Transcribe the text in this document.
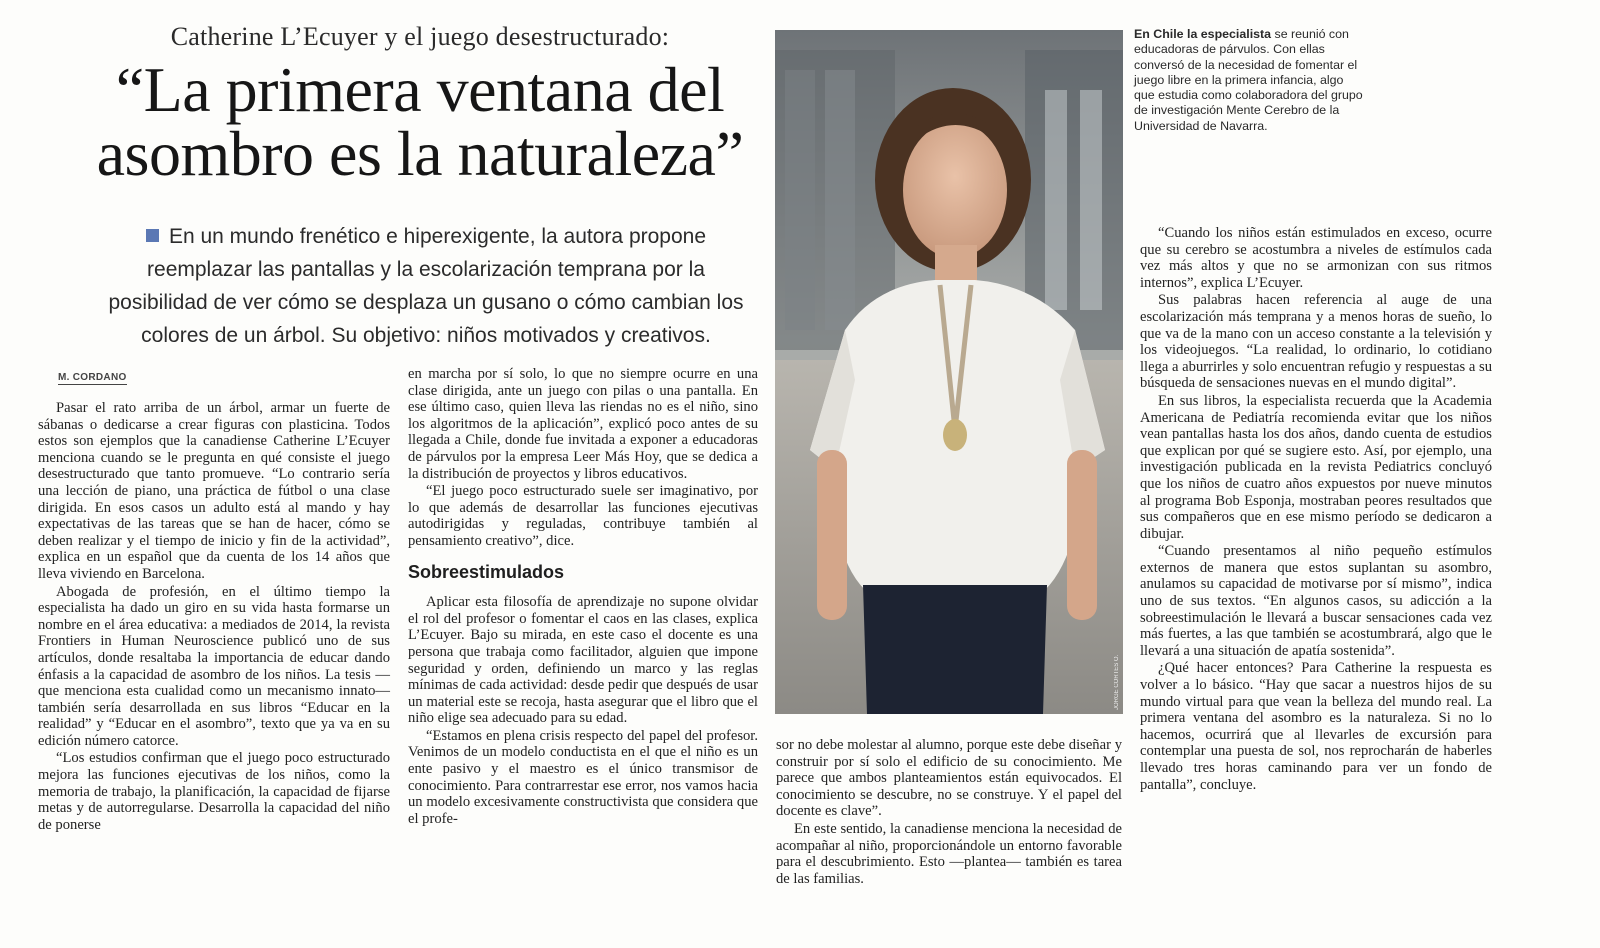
Catherine L’Ecuyer y el juego desestructurado:
“La primera ventana del
asombro es la naturaleza”
En un mundo frenético e hiperexigente, la autora propone
reemplazar las pantallas y la escolarización temprana por la
posibilidad de ver cómo se desplaza un gusano o cómo cambian los
colores de un árbol. Su objetivo: niños motivados y creativos.
M. CORDANO

Pasar el rato arriba de un árbol, armar un fuerte de sábanas o dedicarse a crear figuras con plasticina. Todos estos son ejemplos que la canadiense Catherine L’Ecuyer menciona cuando se le pregunta en qué consiste el juego desestructurado que tanto promueve. “Lo contrario sería una lección de piano, una práctica de fútbol o una clase dirigida. En esos casos un adulto está al mando y hay expectativas de las tareas que se han de hacer, cómo se deben realizar y el tiempo de inicio y fin de la actividad”, explica en un español que da cuenta de los 14 años que lleva viviendo en Barcelona.

Abogada de profesión, en el último tiempo la especialista ha dado un giro en su vida hasta formarse un nombre en el área educativa: a mediados de 2014, la revista Frontiers in Human Neuroscience publicó uno de sus artículos, donde resaltaba la importancia de educar dando énfasis a la capacidad de asombro de los niños. La tesis —que menciona esta cualidad como un mecanismo innato— también sería desarrollada en sus libros “Educar en la realidad” y “Educar en el asombro”, texto que ya va en su edición número catorce.

“Los estudios confirman que el juego poco estructurado mejora las funciones ejecutivas de los niños, como la memoria de trabajo, la planificación, la capacidad de fijarse metas y de autorregularse. Desarrolla la capacidad del niño de ponerse

en marcha por sí solo, lo que no siempre ocurre en una clase dirigida, ante un juego con pilas o una pantalla. En ese último caso, quien lleva las riendas no es el niño, sino los algoritmos de la aplicación”, explicó poco antes de su llegada a Chile, donde fue invitada a exponer a educadoras de párvulos por la empresa Leer Más Hoy, que se dedica a la distribución de proyectos y libros educativos.

“El juego poco estructurado suele ser imaginativo, por lo que además de desarrollar las funciones ejecutivas autodirigidas y reguladas, contribuye también al pensamiento creativo”, dice.

Sobreestimulados

Aplicar esta filosofía de aprendizaje no supone olvidar el rol del profesor o fomentar el caos en las clases, explica L’Ecuyer. Bajo su mirada, en este caso el docente es una persona que trabaja como facilitador, alguien que impone seguridad y orden, definiendo un marco y las reglas mínimas de cada actividad: desde pedir que después de usar un material este se recoja, hasta asegurar que el libro que el niño elige sea adecuado para su edad.

“Estamos en plena crisis respecto del papel del profesor. Venimos de un modelo conductista en el que el niño es un ente pasivo y el maestro es el único transmisor de conocimiento. Para contrarrestar ese error, nos vamos hacia un modelo excesivamente constructivista que considera que el profe-

JORGE CORTES O.
En Chile la especialista se reunió con educadoras de párvulos. Con ellas conversó de la necesidad de fomentar el juego libre en la primera infancia, algo que estudia como colaboradora del grupo de investigación Mente Cerebro de la Universidad de Navarra.

sor no debe molestar al alumno, porque este debe diseñar y construir por sí solo el edificio de su conocimiento. Me parece que ambos planteamientos están equivocados. El conocimiento se descubre, no se construye. Y el papel del docente es clave”.

En este sentido, la canadiense menciona la necesidad de acompañar al niño, proporcionándole un entorno favorable para el descubrimiento. Esto —plantea— también es tarea de las familias.

“Cuando los niños están estimulados en exceso, ocurre que su cerebro se acostumbra a niveles de estímulos cada vez más altos y que no se armonizan con sus ritmos internos”, explica L’Ecuyer.

Sus palabras hacen referencia al auge de una escolarización más temprana y a menos horas de sueño, lo que va de la mano con un acceso constante a la televisión y los videojuegos. “La realidad, lo ordinario, lo cotidiano llega a aburrirles y solo encuentran refugio y respuestas a su búsqueda de sensaciones nuevas en el mundo digital”.

En sus libros, la especialista recuerda que la Academia Americana de Pediatría recomienda evitar que los niños vean pantallas hasta los dos años, dando cuenta de estudios que explican por qué se sugiere esto. Así, por ejemplo, una investigación publicada en la revista Pediatrics concluyó que los niños de cuatro años expuestos por nueve minutos al programa Bob Esponja, mostraban peores resultados que sus compañeros que en ese mismo período se dedicaron a dibujar.

“Cuando presentamos al niño pequeño estímulos externos de manera que estos suplantan su asombro, anulamos su capacidad de motivarse por sí mismo”, indica uno de sus textos. “En algunos casos, su adicción a la sobreestimulación le llevará a buscar sensaciones cada vez más fuertes, a las que también se acostumbrará, algo que le llevará a una situación de apatía sostenida”.

¿Qué hacer entonces? Para Catherine la respuesta es volver a lo básico. “Hay que sacar a nuestros hijos de su mundo virtual para que vean la belleza del mundo real. La primera ventana del asombro es la naturaleza. Si no lo hacemos, ocurrirá que al llevarles de excursión para contemplar una puesta de sol, nos reprocharán de haberles llevado tres horas caminando para ver un fondo de pantalla”, concluye.
